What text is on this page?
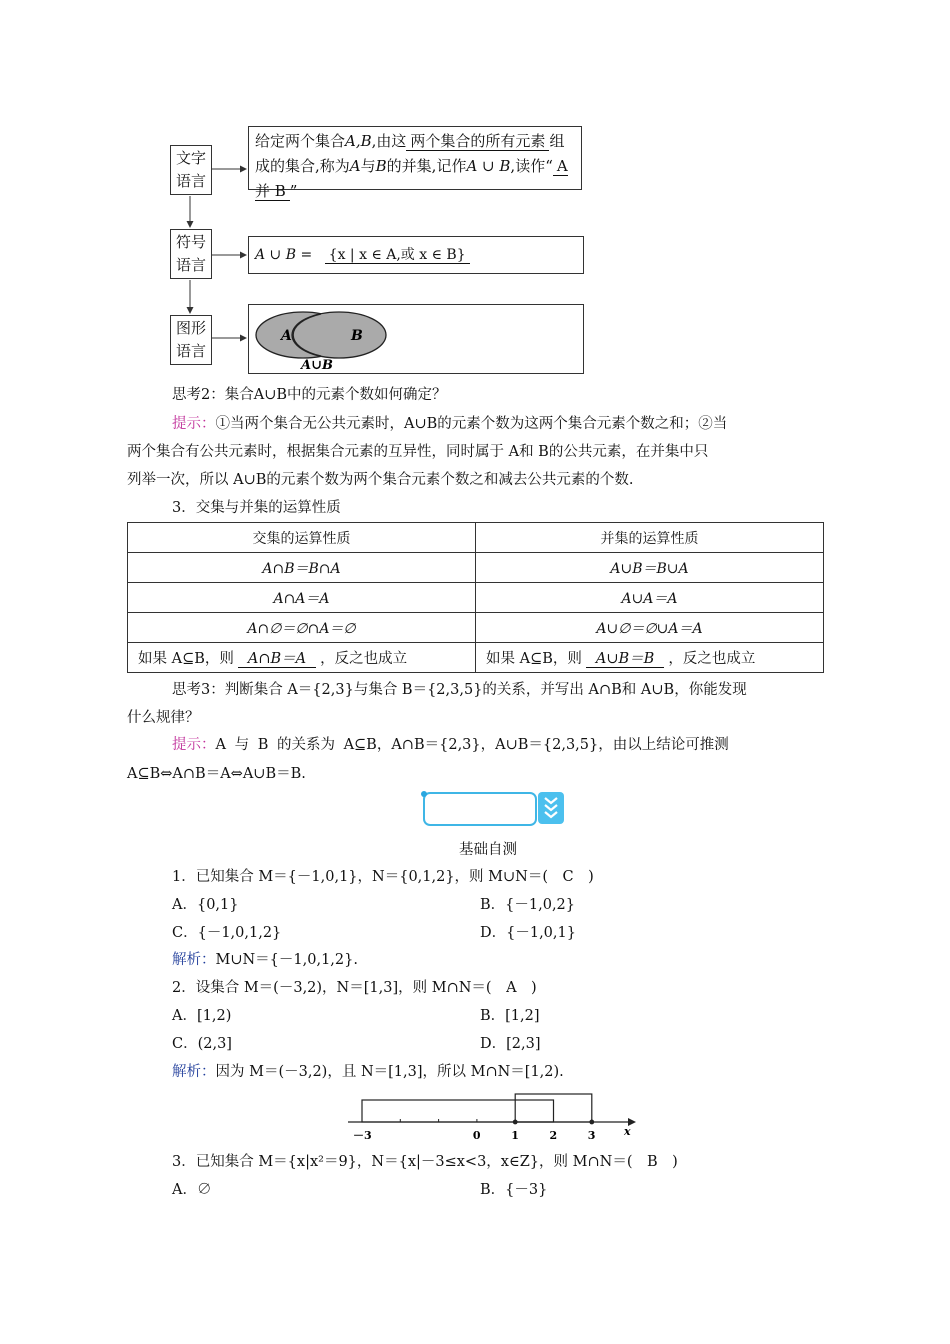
文字语言
给定两个集合A,B,由这 两个集合的所有元素 组成的集合,称为A与B的并集,记作A ∪ B,读作“ A 并 B ”
符号语言
A ∪ B = {x | x ∈ A,或 x ∈ B}
图形语言
A	B
A∪B
思考2：集合A∪B中的元素个数如何确定？
提示：①当两个集合无公共元素时，A∪B的元素个数为这两个集合元素个数之和；②当
两个集合有公共元素时，根据集合元素的互异性，同时属于 A和 B的公共元素，在并集中只
列举一次，所以 A∪B的元素个数为两个集合元素个数之和减去公共元素的个数.
3．交集与并集的运算性质
交集的运算性质	并集的运算性质
A∩B＝B∩A	A∪B＝B∪A
A∩A＝A	A∪A＝A
A∩∅＝∅∩A＝∅	A∪∅＝∅∪A＝A
如果 A⊆B，则 A∩B＝A ，反之也成立	如果 A⊆B，则 A∪B＝B ，反之也成立
思考3：判断集合 A＝{2,3}与集合 B＝{2,3,5}的关系，并写出 A∩B和 A∪B，你能发现
什么规律？
提示：A 与 B 的关系为 A⊆B，A∩B＝{2,3}，A∪B＝{2,3,5}，由以上结论可推测
A⊆B⇔A∩B＝A⇔A∪B＝B.
基础自测
1．已知集合 M＝{－1,0,1}，N＝{0,1,2}，则 M∪N＝(　C　)
A．{0,1}	B．{－1,0,2}
C．{－1,0,1,2}	D．{－1,0,1}
解析：M∪N＝{－1,0,1,2}.
2．设集合 M＝(－3,2)，N＝[1,3]，则 M∩N＝(　A　)
A．[1,2)	B．[1,2]
C．(2,3]	D．[2,3]
解析：因为 M＝(－3,2)，且 N＝[1,3]，所以 M∩N＝[1,2).
－3	0	1	2	3	x
3．已知集合 M＝{x|x²＝9}，N＝{x|－3≤x<3，x∈Z}，则 M∩N＝(　B　)
A．∅	B．{－3}
